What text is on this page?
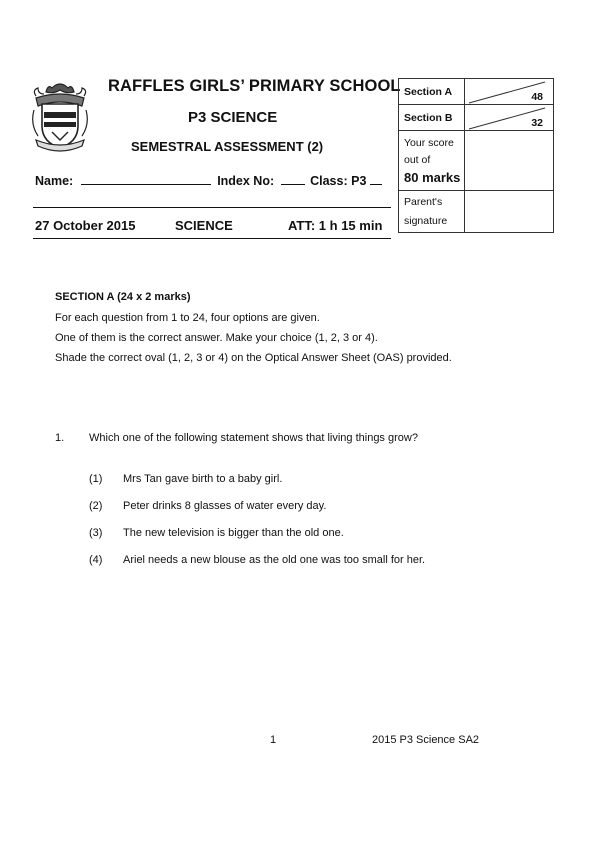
RAFFLES GIRLS’ PRIMARY SCHOOL
P3 SCIENCE
SEMESTRAL ASSESSMENT (2)
Name:	Index No:	Class: P3
27 October 2015	SCIENCE	ATT: 1 h 15 min
Section A	48

Section B	32

Your score
out of
80 marks	

Parent's
signature	

SECTION A (24 x 2 marks)
For each question from 1 to 24, four options are given.
One of them is the correct answer. Make your choice (1, 2, 3 or 4).
Shade the correct oval (1, 2, 3 or 4) on the Optical Answer Sheet (OAS) provided.
1. Which one of the following statement shows that living things grow?
(1) Mrs Tan gave birth to a baby girl.
(2) Peter drinks 8 glasses of water every day.
(3) The new television is bigger than the old one.
(4) Ariel needs a new blouse as the old one was too small for her.
1	2015 P3 Science SA2
